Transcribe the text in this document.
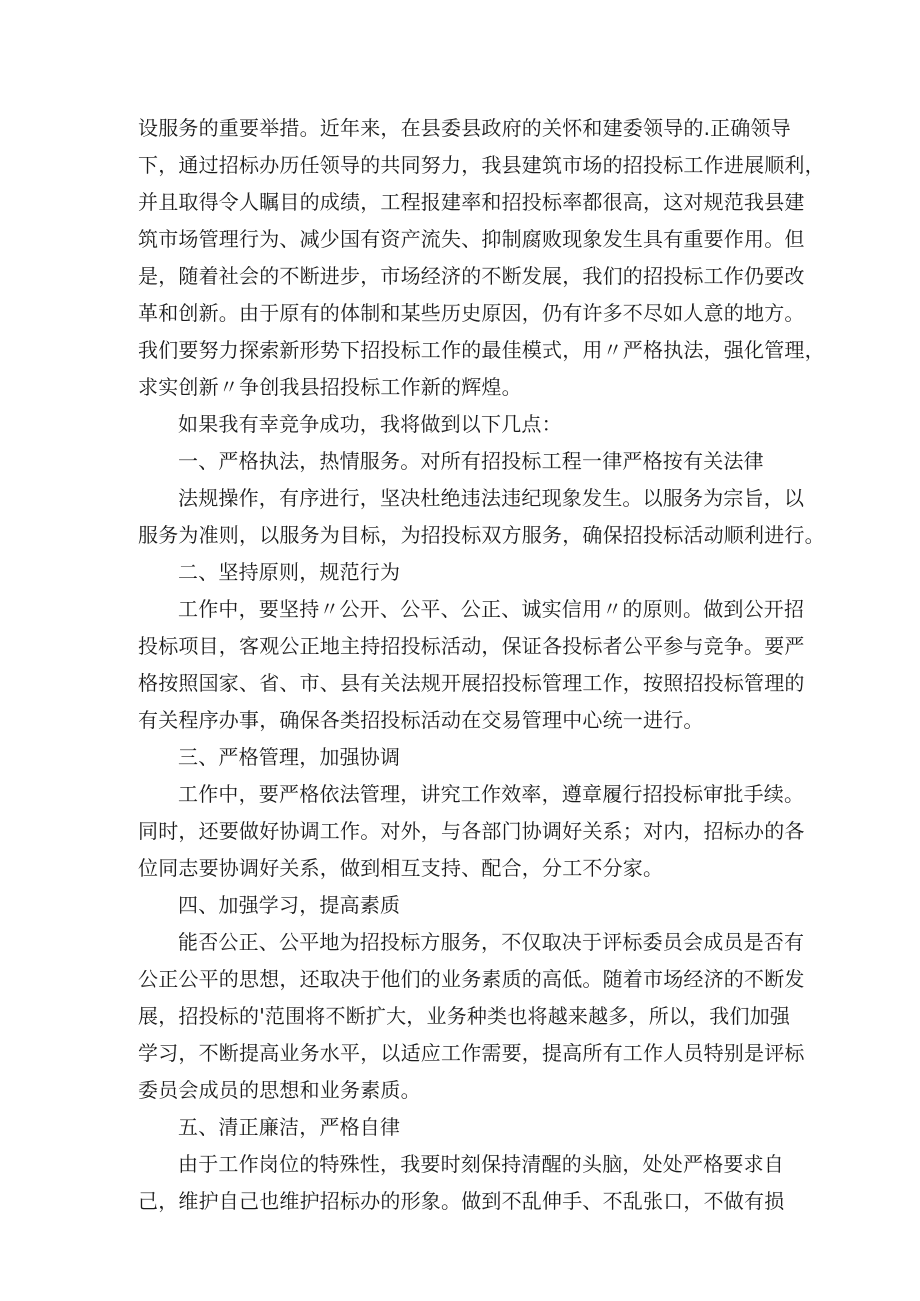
设服务的重要举措。近年来，在县委县政府的关怀和建委领导的.正确领导
下，通过招标办历任领导的共同努力，我县建筑市场的招投标工作进展顺利，
并且取得令人瞩目的成绩，工程报建率和招投标率都很高，这对规范我县建
筑市场管理行为、减少国有资产流失、抑制腐败现象发生具有重要作用。但
是，随着社会的不断进步，市场经济的不断发展，我们的招投标工作仍要改
革和创新。由于原有的体制和某些历史原因，仍有许多不尽如人意的地方。
我们要努力探索新形势下招投标工作的最佳模式，用〃严格执法，强化管理，
求实创新〃争创我县招投标工作新的辉煌。
如果我有幸竞争成功，我将做到以下几点：
一、严格执法，热情服务。对所有招投标工程一律严格按有关法律
法规操作，有序进行，坚决杜绝违法违纪现象发生。以服务为宗旨，以
服务为准则，以服务为目标，为招投标双方服务，确保招投标活动顺利进行。
二、坚持原则，规范行为
工作中，要坚持〃公开、公平、公正、诚实信用〃的原则。做到公开招
投标项目，客观公正地主持招投标活动，保证各投标者公平参与竞争。要严
格按照国家、省、市、县有关法规开展招投标管理工作，按照招投标管理的
有关程序办事，确保各类招投标活动在交易管理中心统一进行。
三、严格管理，加强协调
工作中，要严格依法管理，讲究工作效率，遵章履行招投标审批手续。
同时，还要做好协调工作。对外，与各部门协调好关系；对内，招标办的各
位同志要协调好关系，做到相互支持、配合，分工不分家。
四、加强学习，提高素质
能否公正、公平地为招投标方服务，不仅取决于评标委员会成员是否有
公正公平的思想，还取决于他们的业务素质的高低。随着市场经济的不断发
展，招投标的'范围将不断扩大，业务种类也将越来越多，所以，我们加强
学习，不断提高业务水平，以适应工作需要，提高所有工作人员特别是评标
委员会成员的思想和业务素质。
五、清正廉洁，严格自律
由于工作岗位的特殊性，我要时刻保持清醒的头脑，处处严格要求自
己，维护自己也维护招标办的形象。做到不乱伸手、不乱张口，不做有损
